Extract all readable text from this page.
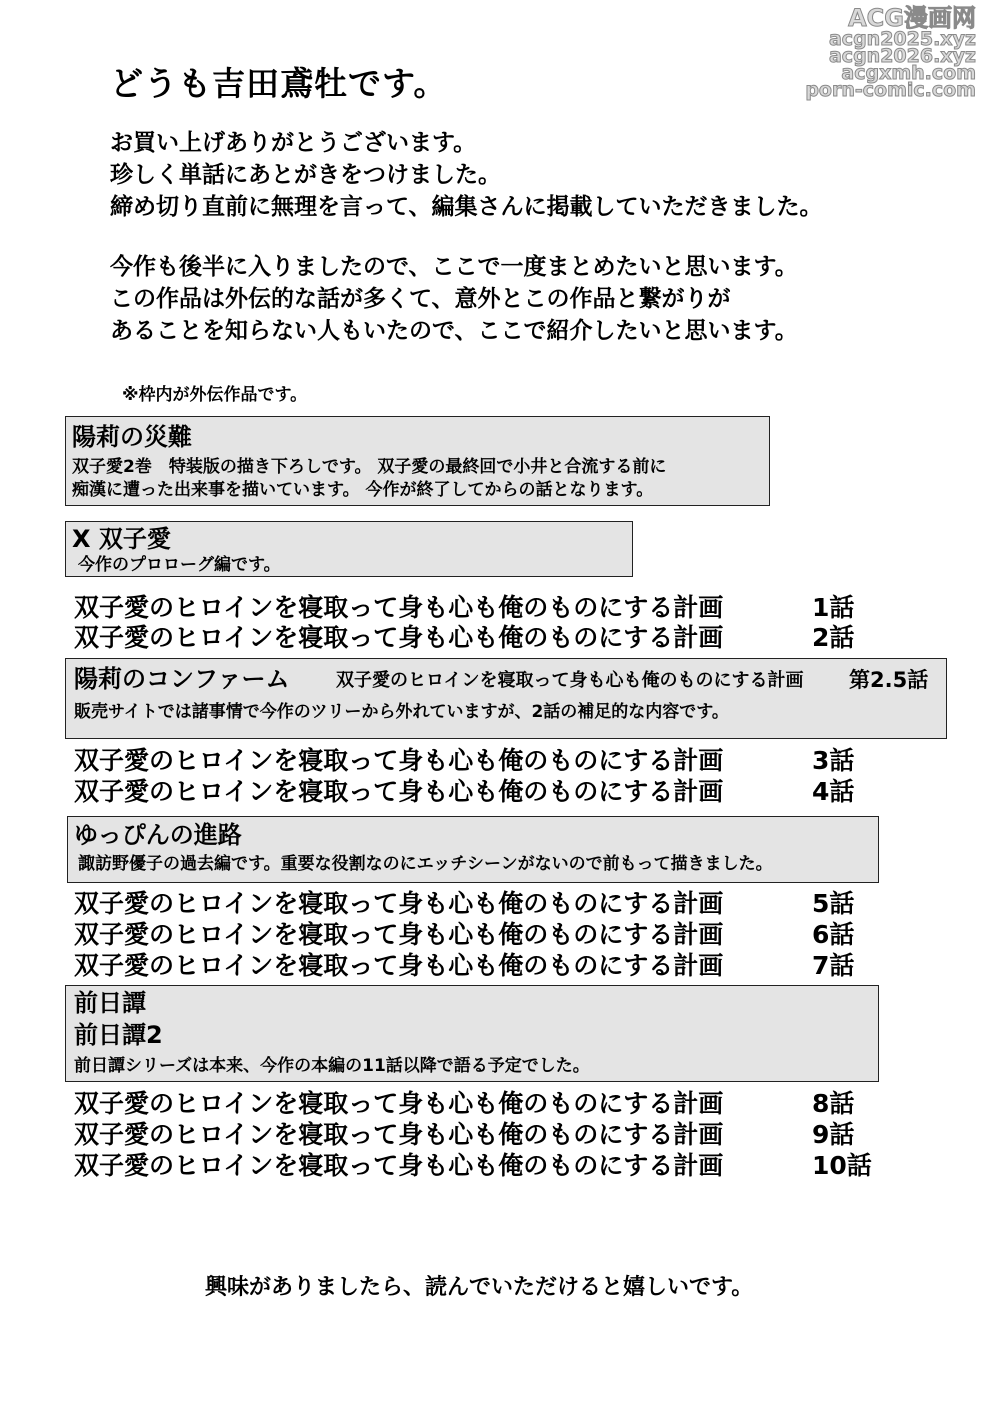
ACG漫画网
acgn2025.xyz
acgn2026.xyz
acgxmh.com
porn-comic.com
どうも吉田鳶牡です。
お買い上げありがとうございます。
珍しく単話にあとがきをつけました。
締め切り直前に無理を言って、編集さんに掲載していただきました。
今作も後半に入りましたので、ここで一度まとめたいと思います。
この作品は外伝的な話が多くて、意外とこの作品と繋がりが
あることを知らない人もいたので、ここで紹介したいと思います。
※枠内が外伝作品です。
陽莉の災難
双子愛2巻　特装版の描き下ろしです。 双子愛の最終回で小井と合流する前に
痴漢に遭った出来事を描いています。 今作が終了してからの話となります。
X 双子愛
今作のプロローグ編です。
双子愛のヒロインを寝取って身も心も俺のものにする計画	1話
双子愛のヒロインを寝取って身も心も俺のものにする計画	2話
陽莉のコンファーム	双子愛のヒロインを寝取って身も心も俺のものにする計画 第2.5話
販売サイトでは諸事情で今作のツリーから外れていますが、2話の補足的な内容です。
双子愛のヒロインを寝取って身も心も俺のものにする計画	3話
双子愛のヒロインを寝取って身も心も俺のものにする計画	4話
ゆっぴんの進路
諏訪野優子の過去編です。重要な役割なのにエッチシーンがないので前もって描きました。
双子愛のヒロインを寝取って身も心も俺のものにする計画	5話
双子愛のヒロインを寝取って身も心も俺のものにする計画	6話
双子愛のヒロインを寝取って身も心も俺のものにする計画	7話
前日譚
前日譚2
前日譚シリーズは本来、今作の本編の11話以降で語る予定でした。
双子愛のヒロインを寝取って身も心も俺のものにする計画	8話
双子愛のヒロインを寝取って身も心も俺のものにする計画	9話
双子愛のヒロインを寝取って身も心も俺のものにする計画	10話
興味がありましたら、読んでいただけると嬉しいです。
